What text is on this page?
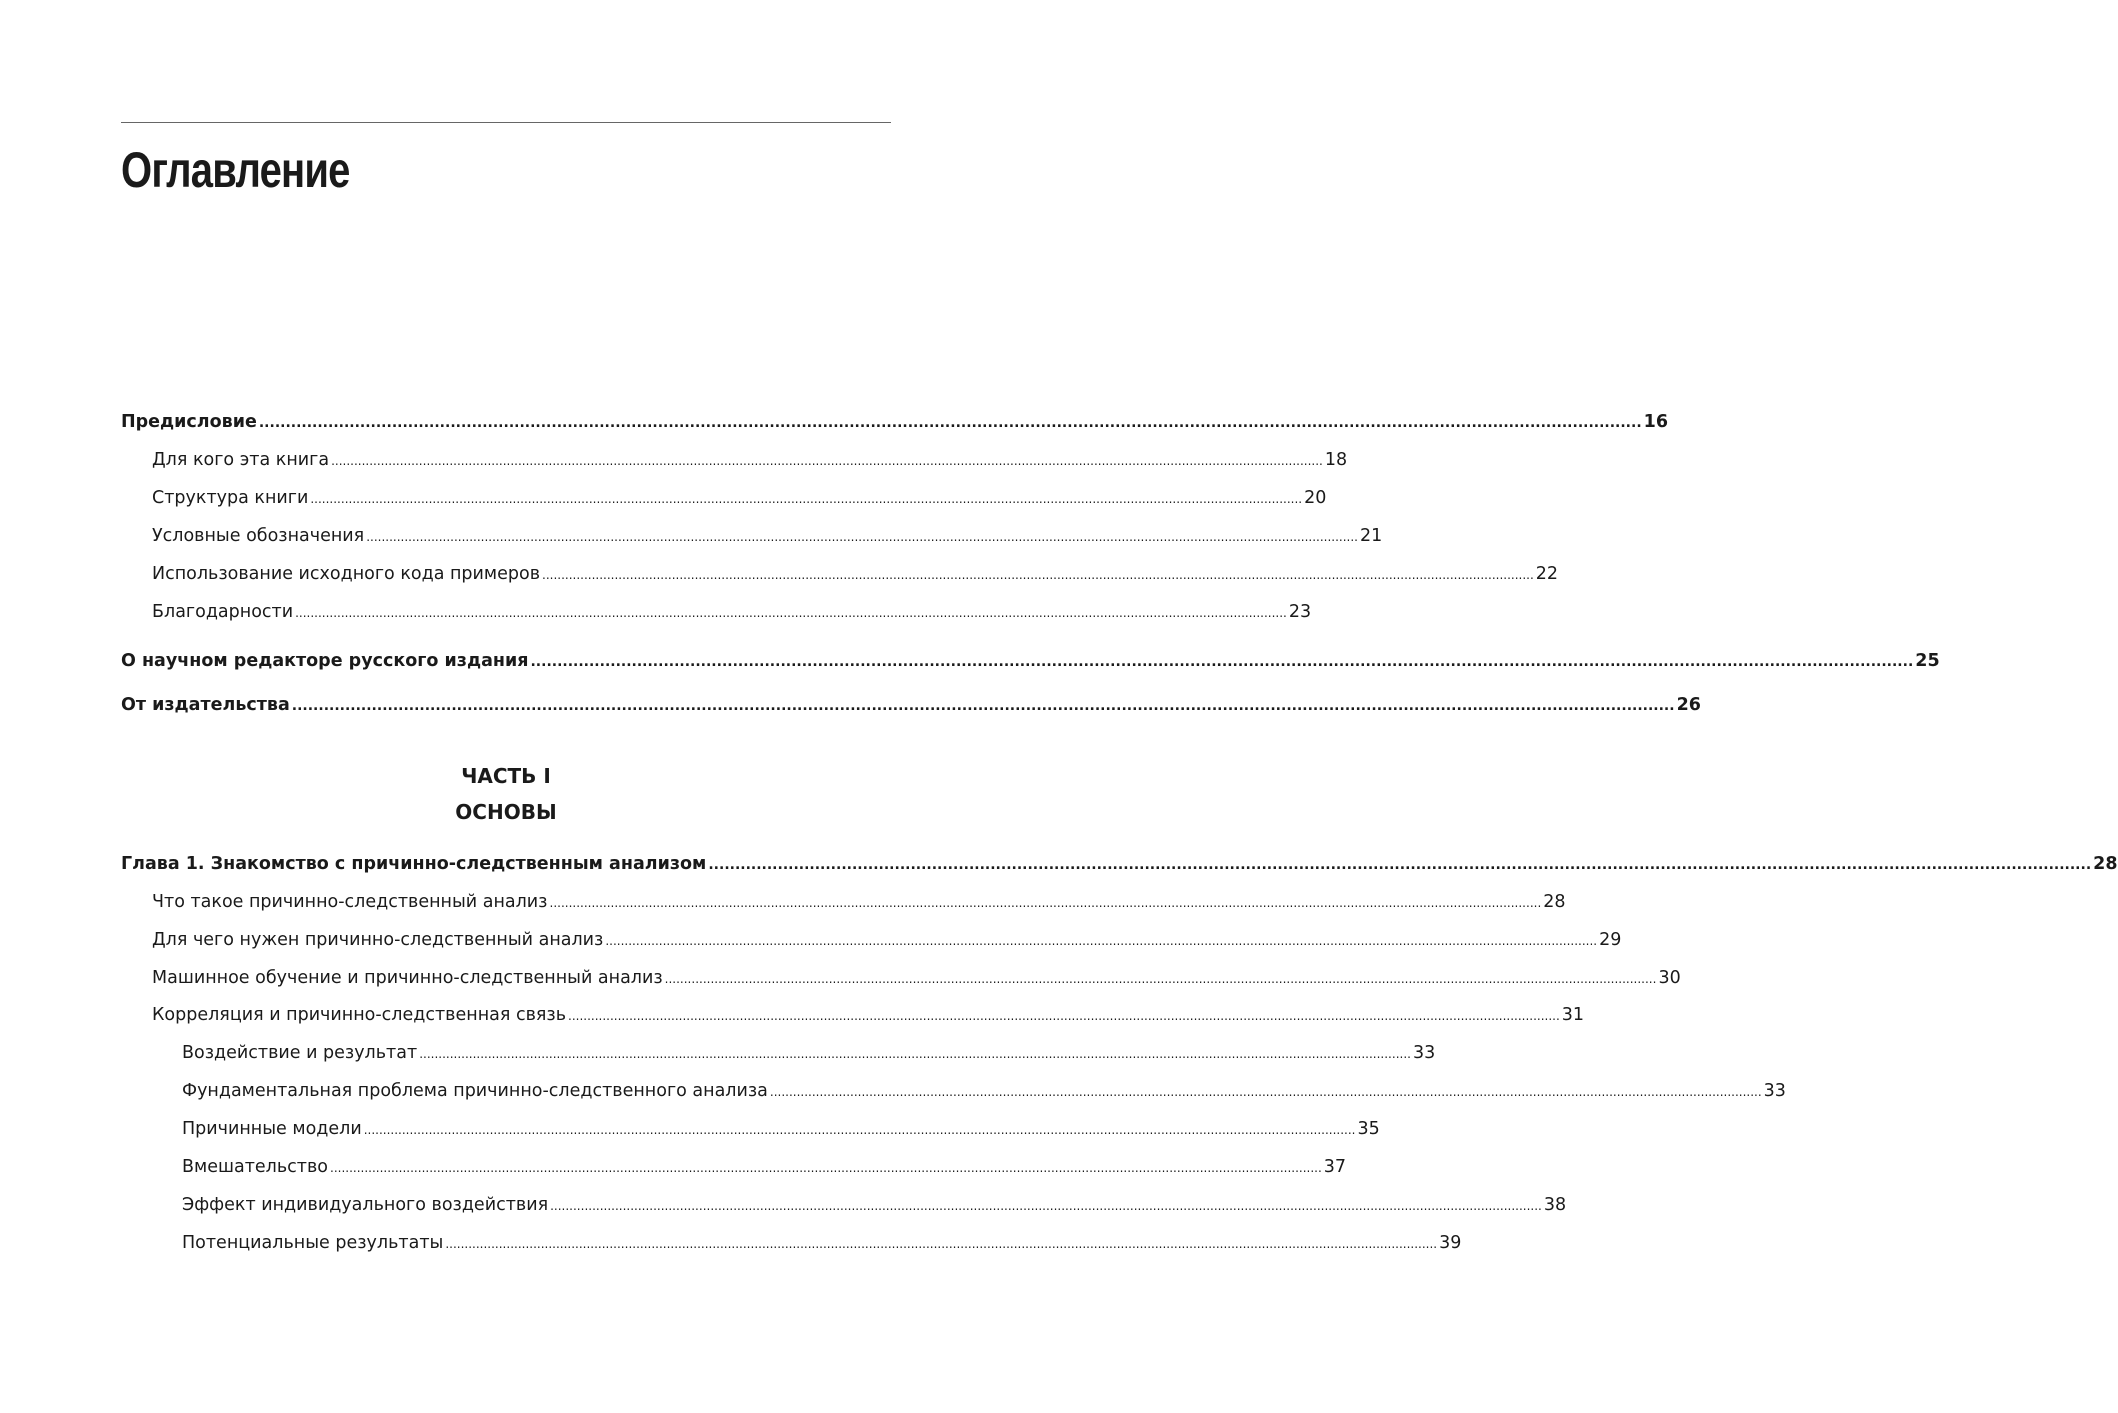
Оглавление
Предисловие .................................................................................................................................................................................................................................................................... 16
Для кого эта книга .................................................................................................................................................................................................................................................................... 18
Структура книги .................................................................................................................................................................................................................................................................... 20
Условные обозначения .................................................................................................................................................................................................................................................................... 21
Использование исходного кода примеров .................................................................................................................................................................................................................................................................... 22
Благодарности .................................................................................................................................................................................................................................................................... 23
О научном редакторе русского издания .................................................................................................................................................................................................................................................................... 25
От издательства .................................................................................................................................................................................................................................................................... 26
ЧАСТЬ I
ОСНОВЫ
Глава 1. Знакомство с причинно-следственным анализом .................................................................................................................................................................................................................................................................... 28
Что такое причинно-следственный анализ .................................................................................................................................................................................................................................................................... 28
Для чего нужен причинно-следственный анализ .................................................................................................................................................................................................................................................................... 29
Машинное обучение и причинно-следственный анализ .................................................................................................................................................................................................................................................................... 30
Корреляция и причинно-следственная связь .................................................................................................................................................................................................................................................................... 31
Воздействие и результат .................................................................................................................................................................................................................................................................... 33
Фундаментальная проблема причинно-следственного анализа .................................................................................................................................................................................................................................................................... 33
Причинные модели .................................................................................................................................................................................................................................................................... 35
Вмешательство .................................................................................................................................................................................................................................................................... 37
Эффект индивидуального воздействия .................................................................................................................................................................................................................................................................... 38
Потенциальные результаты .................................................................................................................................................................................................................................................................... 39
